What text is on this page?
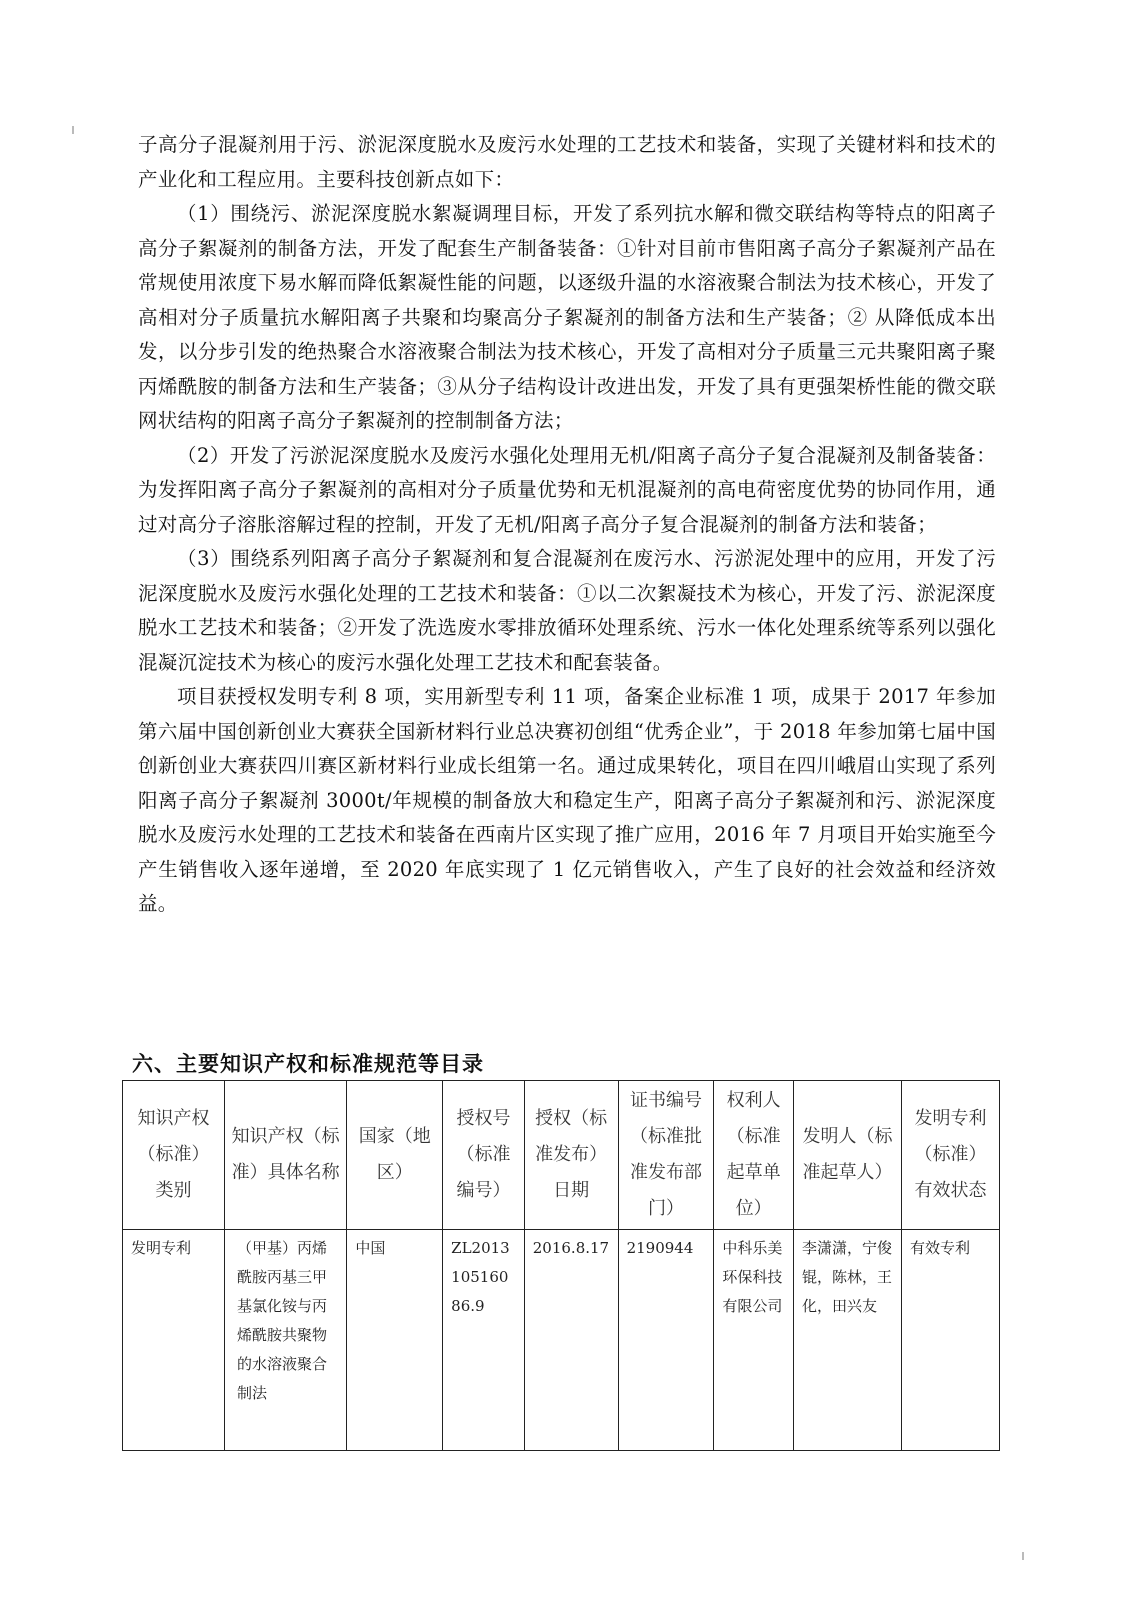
子高分子混凝剂用于污、淤泥深度脱水及废污水处理的工艺技术和装备，实现了关键材料和技术的产业化和工程应用。主要科技创新点如下：

（1）围绕污、淤泥深度脱水絮凝调理目标，开发了系列抗水解和微交联结构等特点的阳离子高分子絮凝剂的制备方法，开发了配套生产制备装备：①针对目前市售阳离子高分子絮凝剂产品在常规使用浓度下易水解而降低絮凝性能的问题，以逐级升温的水溶液聚合制法为技术核心，开发了高相对分子质量抗水解阳离子共聚和均聚高分子絮凝剂的制备方法和生产装备；② 从降低成本出发，以分步引发的绝热聚合水溶液聚合制法为技术核心，开发了高相对分子质量三元共聚阳离子聚丙烯酰胺的制备方法和生产装备；③从分子结构设计改进出发，开发了具有更强架桥性能的微交联网状结构的阳离子高分子絮凝剂的控制制备方法；

（2）开发了污淤泥深度脱水及废污水强化处理用无机/阳离子高分子复合混凝剂及制备装备：为发挥阳离子高分子絮凝剂的高相对分子质量优势和无机混凝剂的高电荷密度优势的协同作用，通过对高分子溶胀溶解过程的控制，开发了无机/阳离子高分子复合混凝剂的制备方法和装备；

（3）围绕系列阳离子高分子絮凝剂和复合混凝剂在废污水、污淤泥处理中的应用，开发了污泥深度脱水及废污水强化处理的工艺技术和装备：①以二次絮凝技术为核心，开发了污、淤泥深度脱水工艺技术和装备；②开发了洗选废水零排放循环处理系统、污水一体化处理系统等系列以强化混凝沉淀技术为核心的废污水强化处理工艺技术和配套装备。

项目获授权发明专利 8 项，实用新型专利 11 项，备案企业标准 1 项，成果于 2017 年参加第六届中国创新创业大赛获全国新材料行业总决赛初创组“优秀企业”，于 2018 年参加第七届中国创新创业大赛获四川赛区新材料行业成长组第一名。通过成果转化，项目在四川峨眉山实现了系列阳离子高分子絮凝剂 3000t/年规模的制备放大和稳定生产，阳离子高分子絮凝剂和污、淤泥深度脱水及废污水处理的工艺技术和装备在西南片区实现了推广应用，2016 年 7 月项目开始实施至今产生销售收入逐年递增，至 2020 年底实现了 1 亿元销售收入，产生了良好的社会效益和经济效益。

六、主要知识产权和标准规范等目录
知识产权（标准）类别	知识产权（标准）具体名称	国家（地区）	授权号（标准编号）	授权（标准发布）日期	证书编号（标准批准发布部门）	权利人（标准起草单位）	发明人（标准起草人）	发明专利（标准）有效状态
发明专利	（甲基）丙烯酰胺丙基三甲基氯化铵与丙烯酰胺共聚物的水溶液聚合制法	中国	ZL201310516086.9	2016.8.17	2190944	中科乐美环保科技有限公司	李潇潇，宁俊锟，陈林，王化，田兴友	有效专利
